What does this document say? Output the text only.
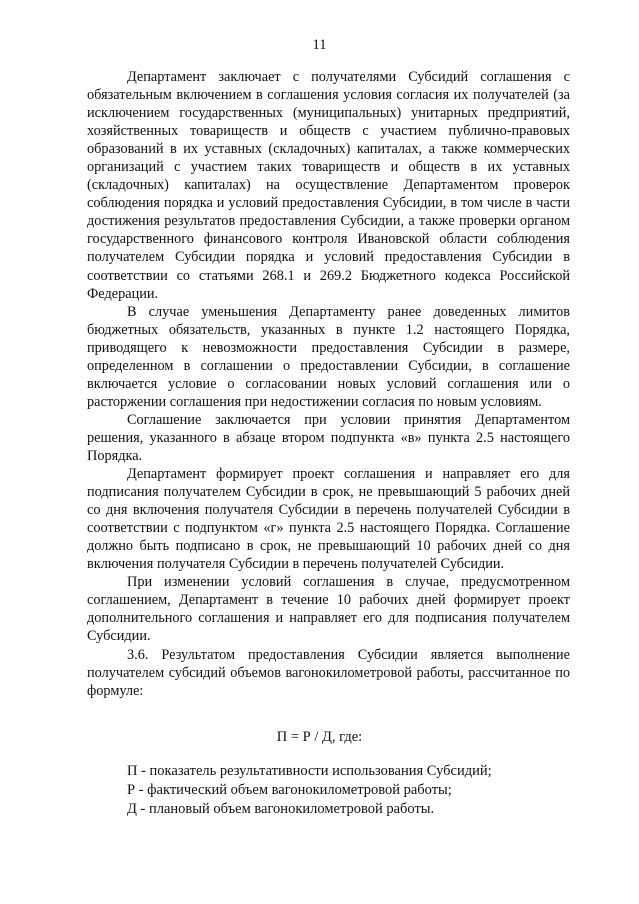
11

Департамент заключает с получателями Субсидий соглашения с обязательным включением в соглашения условия согласия их получателей (за исключением государственных (муниципальных) унитарных предприятий, хозяйственных товариществ и обществ с участием публично-правовых образований в их уставных (складочных) капиталах, а также коммерческих организаций с участием таких товариществ и обществ в их уставных (складочных) капиталах) на осуществление Департаментом проверок соблюдения порядка и условий предоставления Субсидии, в том числе в части достижения результатов предоставления Субсидии, а также проверки органом государственного финансового контроля Ивановской области соблюдения получателем Субсидии порядка и условий предоставления Субсидии в соответствии со статьями 268.1 и 269.2 Бюджетного кодекса Российской Федерации.

В случае уменьшения Департаменту ранее доведенных лимитов бюджетных обязательств, указанных в пункте 1.2 настоящего Порядка, приводящего к невозможности предоставления Субсидии в размере, определенном в соглашении о предоставлении Субсидии, в соглашение включается условие о согласовании новых условий соглашения или о расторжении соглашения при недостижении согласия по новым условиям.

Соглашение заключается при условии принятия Департаментом решения, указанного в абзаце втором подпункта «в» пункта 2.5 настоящего Порядка.

Департамент формирует проект соглашения и направляет его для подписания получателем Субсидии в срок, не превышающий 5 рабочих дней со дня включения получателя Субсидии в перечень получателей Субсидии в соответствии с подпунктом «г» пункта 2.5 настоящего Порядка. Соглашение должно быть подписано в срок, не превышающий 10 рабочих дней со дня включения получателя Субсидии в перечень получателей Субсидии.

При изменении условий соглашения в случае, предусмотренном соглашением, Департамент в течение 10 рабочих дней формирует проект дополнительного соглашения и направляет его для подписания получателем Субсидии.

3.6. Результатом предоставления Субсидии является выполнение получателем субсидий объемов вагонокилометровой работы, рассчитанное по формуле:

П = Р / Д, где:
П - показатель результативности использования Субсидий;
Р - фактический объем вагонокилометровой работы;
Д - плановый объем вагонокилометровой работы.
